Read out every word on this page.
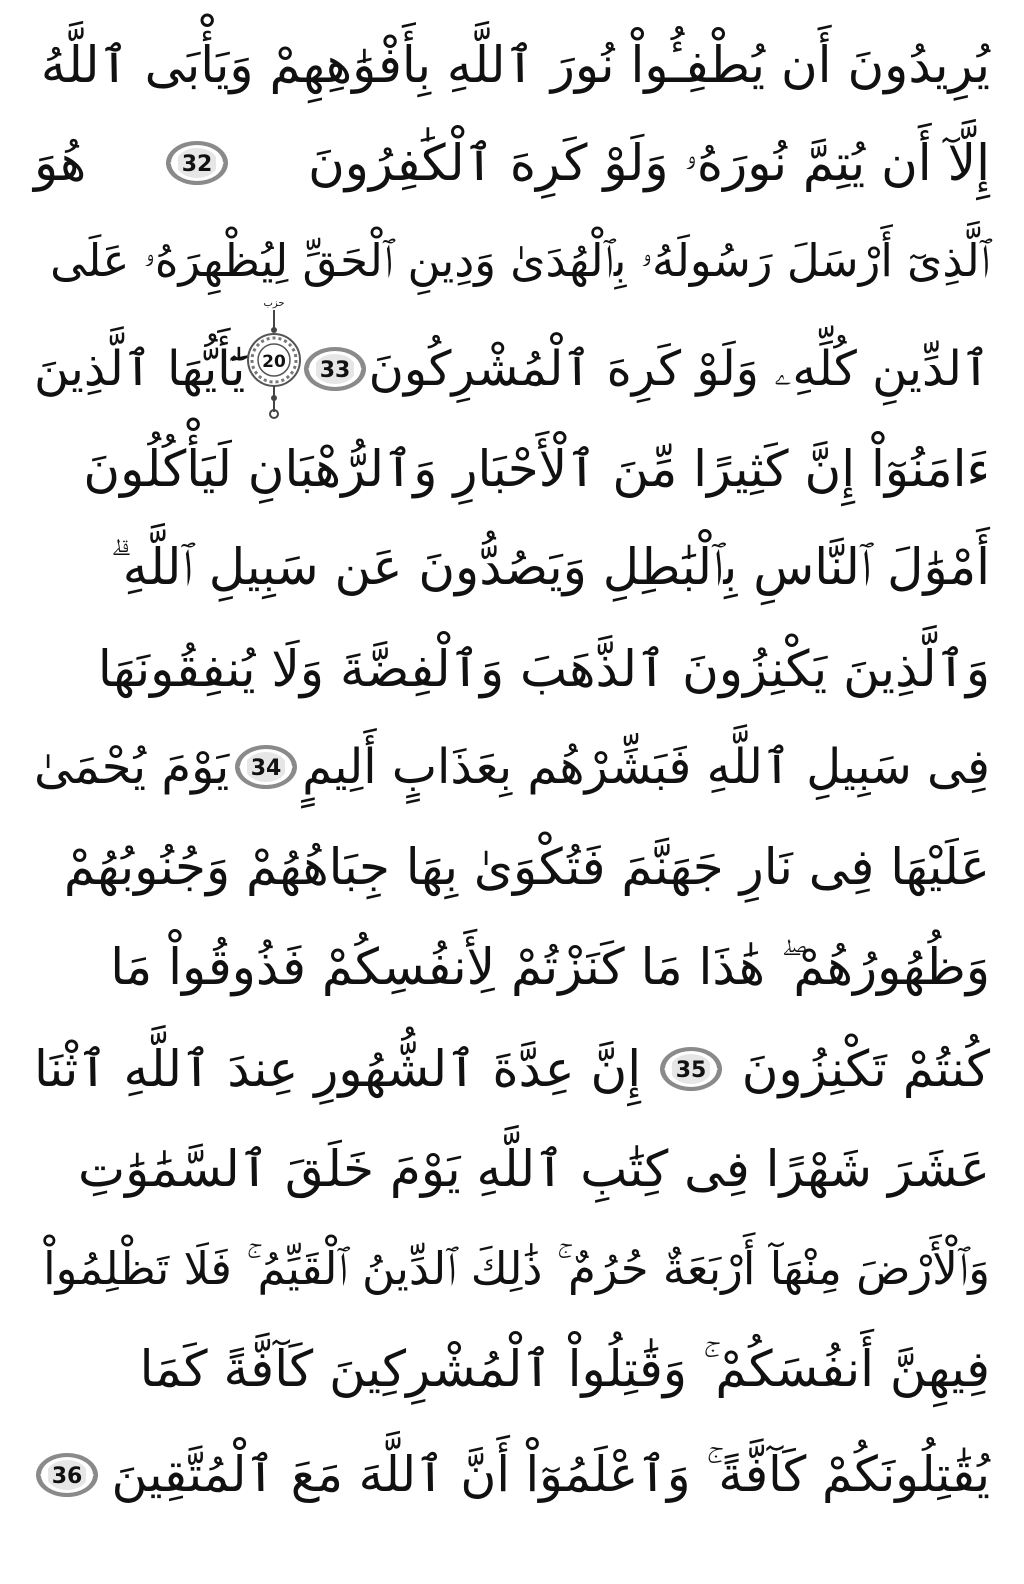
يُرِيدُونَ أَن يُطْفِـُٔواْ نُورَ ٱللَّهِ بِأَفْوَٰهِهِمْ وَيَأْبَى ٱللَّهُ
إِلَّآ أَن يُتِمَّ نُورَهُۥ وَلَوْ كَرِهَ ٱلْكَٰفِرُونَ
32
هُوَ
ٱلَّذِىٓ أَرْسَلَ رَسُولَهُۥ بِٱلْهُدَىٰ وَدِينِ ٱلْحَقِّ لِيُظْهِرَهُۥ عَلَى
ٱلدِّينِ كُلِّهِۦ وَلَوْ كَرِهَ ٱلْمُشْرِكُونَ
33
حزب
20
يَٰٓأَيُّهَا ٱلَّذِينَ
ءَامَنُوٓاْ إِنَّ كَثِيرًا مِّنَ ٱلْأَحْبَارِ وَٱلرُّهْبَانِ لَيَأْكُلُونَ
أَمْوَٰلَ ٱلنَّاسِ بِٱلْبَٰطِلِ وَيَصُدُّونَ عَن سَبِيلِ ٱللَّهِ ۗ
وَٱلَّذِينَ يَكْنِزُونَ ٱلذَّهَبَ وَٱلْفِضَّةَ وَلَا يُنفِقُونَهَا
فِى سَبِيلِ ٱللَّهِ فَبَشِّرْهُم بِعَذَابٍ أَلِيمٍ
34
يَوْمَ يُحْمَىٰ
عَلَيْهَا فِى نَارِ جَهَنَّمَ فَتُكْوَىٰ بِهَا جِبَاهُهُمْ وَجُنُوبُهُمْ
وَظُهُورُهُمْ ۖ هَٰذَا مَا كَنَزْتُمْ لِأَنفُسِكُمْ فَذُوقُواْ مَا
كُنتُمْ تَكْنِزُونَ
35
إِنَّ عِدَّةَ ٱلشُّهُورِ عِندَ ٱللَّهِ ٱثْنَا
عَشَرَ شَهْرًا فِى كِتَٰبِ ٱللَّهِ يَوْمَ خَلَقَ ٱلسَّمَٰوَٰتِ
وَٱلْأَرْضَ مِنْهَآ أَرْبَعَةٌ حُرُمٌ ۚ ذَٰلِكَ ٱلدِّينُ ٱلْقَيِّمُ ۚ فَلَا تَظْلِمُواْ
فِيهِنَّ أَنفُسَكُمْ ۚ وَقَٰتِلُواْ ٱلْمُشْرِكِينَ كَآفَّةً كَمَا
يُقَٰتِلُونَكُمْ كَآفَّةً ۚ وَٱعْلَمُوٓاْ أَنَّ ٱللَّهَ مَعَ ٱلْمُتَّقِينَ
36
